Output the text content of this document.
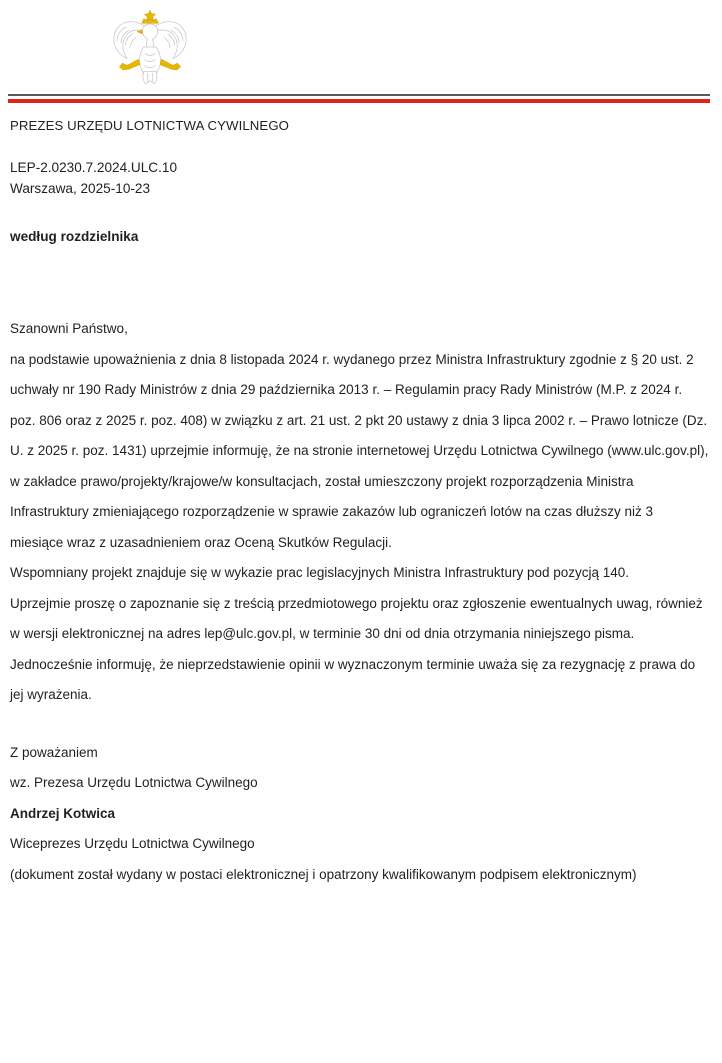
PREZES URZĘDU LOTNICTWA CYWILNEGO
LEP-2.0230.7.2024.ULC.10
Warszawa, 2025-10-23
według rozdzielnika

Szanowni Państwo,

na podstawie upoważnienia z dnia 8 listopada 2024 r. wydanego przez Ministra Infrastruktury zgodnie z § 20 ust. 2 uchwały nr 190 Rady Ministrów z dnia 29 października 2013 r. – Regulamin pracy Rady Ministrów (M.P. z 2024 r. poz. 806 oraz z 2025 r. poz. 408) w związku z art. 21 ust. 2 pkt 20 ustawy z dnia 3 lipca 2002 r. – Prawo lotnicze (Dz. U. z 2025 r. poz. 1431) uprzejmie informuję, że na stronie internetowej Urzędu Lotnictwa Cywilnego (www.ulc.gov.pl), w zakładce prawo/projekty/krajowe/w konsultacjach, został umieszczony projekt rozporządzenia Ministra Infrastruktury zmieniającego rozporządzenie w sprawie zakazów lub ograniczeń lotów na czas dłuższy niż 3 miesiące wraz z uzasadnieniem oraz Oceną Skutków Regulacji.

Wspomniany projekt znajduje się w wykazie prac legislacyjnych Ministra Infrastruktury pod pozycją 140.

Uprzejmie proszę o zapoznanie się z treścią przedmiotowego projektu oraz zgłoszenie ewentualnych uwag, również w wersji elektronicznej na adres lep@ulc.gov.pl, w terminie 30 dni od dnia otrzymania niniejszego pisma.

Jednocześnie informuję, że nieprzedstawienie opinii w wyznaczonym terminie uważa się za rezygnację z prawa do jej wyrażenia.

Z poważaniem

wz. Prezesa Urzędu Lotnictwa Cywilnego

Andrzej Kotwica

Wiceprezes Urzędu Lotnictwa Cywilnego

(dokument został wydany w postaci elektronicznej i opatrzony kwalifikowanym podpisem elektronicznym)
